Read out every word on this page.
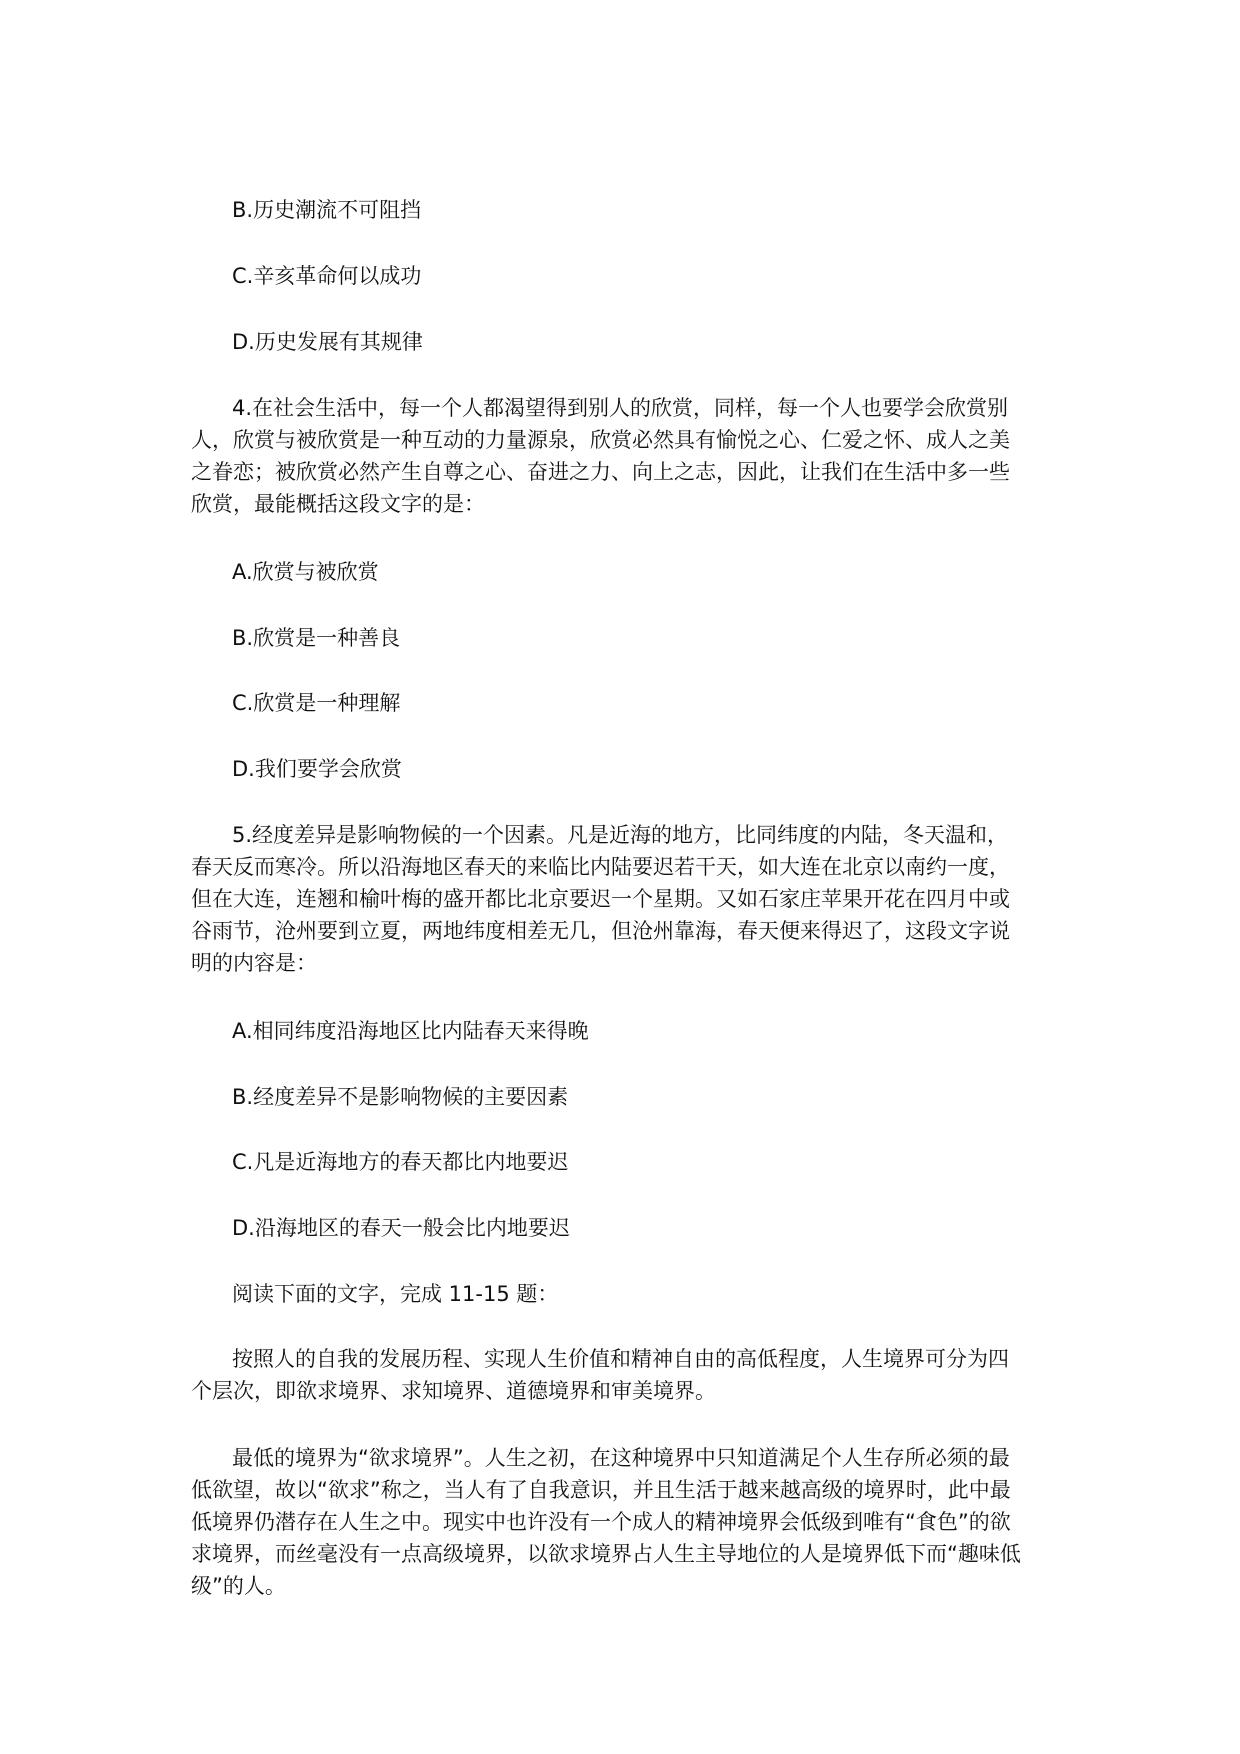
B.历史潮流不可阻挡

C.辛亥革命何以成功

D.历史发展有其规律

4.在社会生活中，每一个人都渴望得到别人的欣赏，同样，每一个人也要学会欣赏别
人，欣赏与被欣赏是一种互动的力量源泉，欣赏必然具有愉悦之心、仁爱之怀、成人之美
之眷恋；被欣赏必然产生自尊之心、奋进之力、向上之志，因此，让我们在生活中多一些
欣赏，最能概括这段文字的是：

A.欣赏与被欣赏

B.欣赏是一种善良

C.欣赏是一种理解

D.我们要学会欣赏

5.经度差异是影响物候的一个因素。凡是近海的地方，比同纬度的内陆，冬天温和，
春天反而寒冷。所以沿海地区春天的来临比内陆要迟若干天，如大连在北京以南约一度，
但在大连，连翘和榆叶梅的盛开都比北京要迟一个星期。又如石家庄苹果开花在四月中或
谷雨节，沧州要到立夏，两地纬度相差无几，但沧州靠海，春天便来得迟了，这段文字说
明的内容是：

A.相同纬度沿海地区比内陆春天来得晚

B.经度差异不是影响物候的主要因素

C.凡是近海地方的春天都比内地要迟

D.沿海地区的春天一般会比内地要迟

阅读下面的文字，完成 11-15 题：

按照人的自我的发展历程、实现人生价值和精神自由的高低程度，人生境界可分为四
个层次，即欲求境界、求知境界、道德境界和审美境界。
最低的境界为“欲求境界”。人生之初，在这种境界中只知道满足个人生存所必须的最
低欲望，故以“欲求”称之，当人有了自我意识，并且生活于越来越高级的境界时，此中最
低境界仍潜存在人生之中。现实中也许没有一个成人的精神境界会低级到唯有“食色”的欲
求境界，而丝毫没有一点高级境界，以欲求境界占人生主导地位的人是境界低下而“趣味低
级”的人。
